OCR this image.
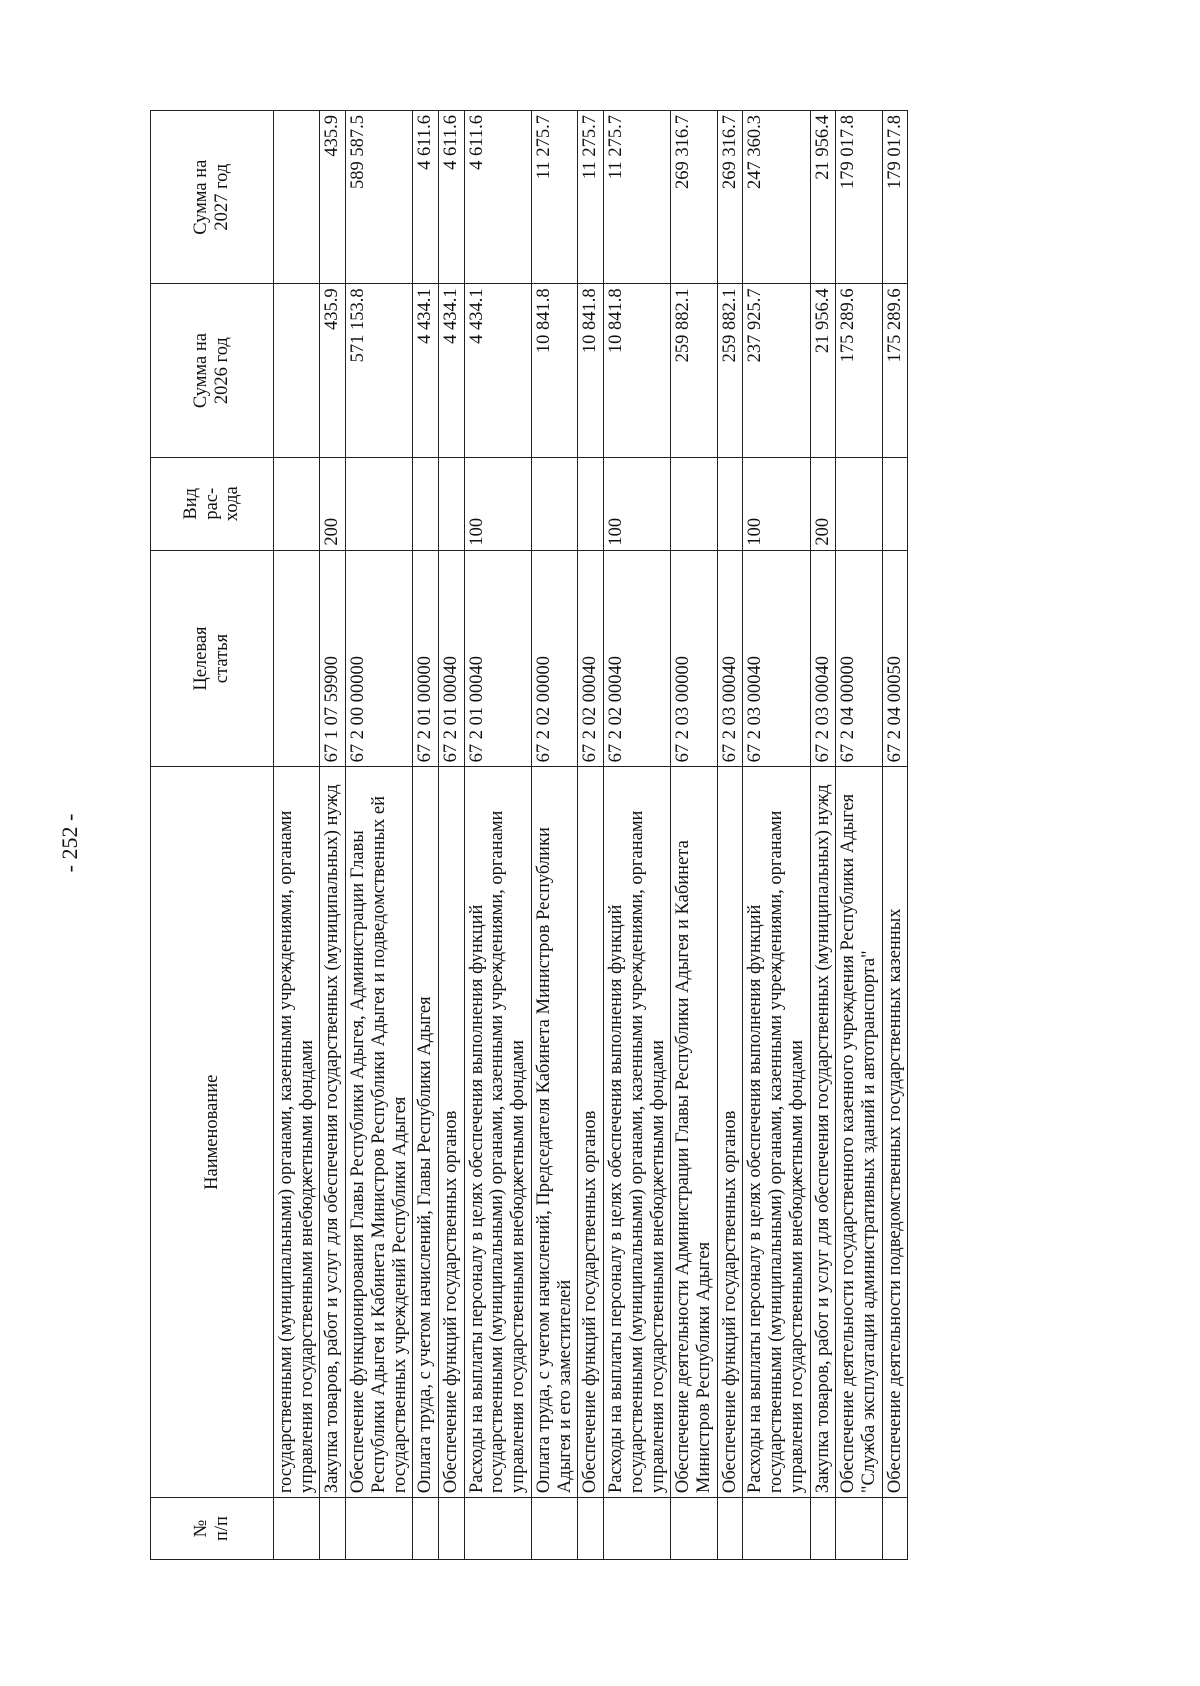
- 252 -
№ п/п	Наименование	Целевая статья	Вид рас- хода	Сумма на 2026 год	Сумма на 2027 год

	государственными (муниципальными) органами, казенными учреждениями, органами управления государственными внебюджетными фондами				
	Закупка товаров, работ и услуг для обеспечения государственных (муниципальных) нужд	67 1 07 59900	200	435.9	435.9
	Обеспечение функционирования Главы Республики Адыгея, Администрации Главы Республики Адыгея и Кабинета Министров Республики Адыгея и подведомственных ей государственных учреждений Республики Адыгея	67 2 00 00000		571 153.8	589 587.5
	Оплата труда, с учетом начислений, Главы Республики Адыгея	67 2 01 00000		4 434.1	4 611.6
	Обеспечение функций государственных органов	67 2 01 00040		4 434.1	4 611.6
	Расходы на выплаты персоналу в целях обеспечения выполнения функций государственными (муниципальными) органами, казенными учреждениями, органами управления государственными внебюджетными фондами	67 2 01 00040	100	4 434.1	4 611.6
	Оплата труда, с учетом начислений, Председателя Кабинета Министров Республики Адыгея и его заместителей	67 2 02 00000		10 841.8	11 275.7
	Обеспечение функций государственных органов	67 2 02 00040		10 841.8	11 275.7
	Расходы на выплаты персоналу в целях обеспечения выполнения функций государственными (муниципальными) органами, казенными учреждениями, органами управления государственными внебюджетными фондами	67 2 02 00040	100	10 841.8	11 275.7
	Обеспечение деятельности Администрации Главы Республики Адыгея и Кабинета Министров Республики Адыгея	67 2 03 00000		259 882.1	269 316.7
	Обеспечение функций государственных органов	67 2 03 00040		259 882.1	269 316.7
	Расходы на выплаты персоналу в целях обеспечения выполнения функций государственными (муниципальными) органами, казенными учреждениями, органами управления государственными внебюджетными фондами	67 2 03 00040	100	237 925.7	247 360.3
	Закупка товаров, работ и услуг для обеспечения государственных (муниципальных) нужд	67 2 03 00040	200	21 956.4	21 956.4
	Обеспечение деятельности государственного казенного учреждения Республики Адыгея "Служба эксплуатации административных зданий и автотранспорта"	67 2 04 00000		175 289.6	179 017.8
	Обеспечение деятельности подведомственных государственных казенных	67 2 04 00050		175 289.6	179 017.8
